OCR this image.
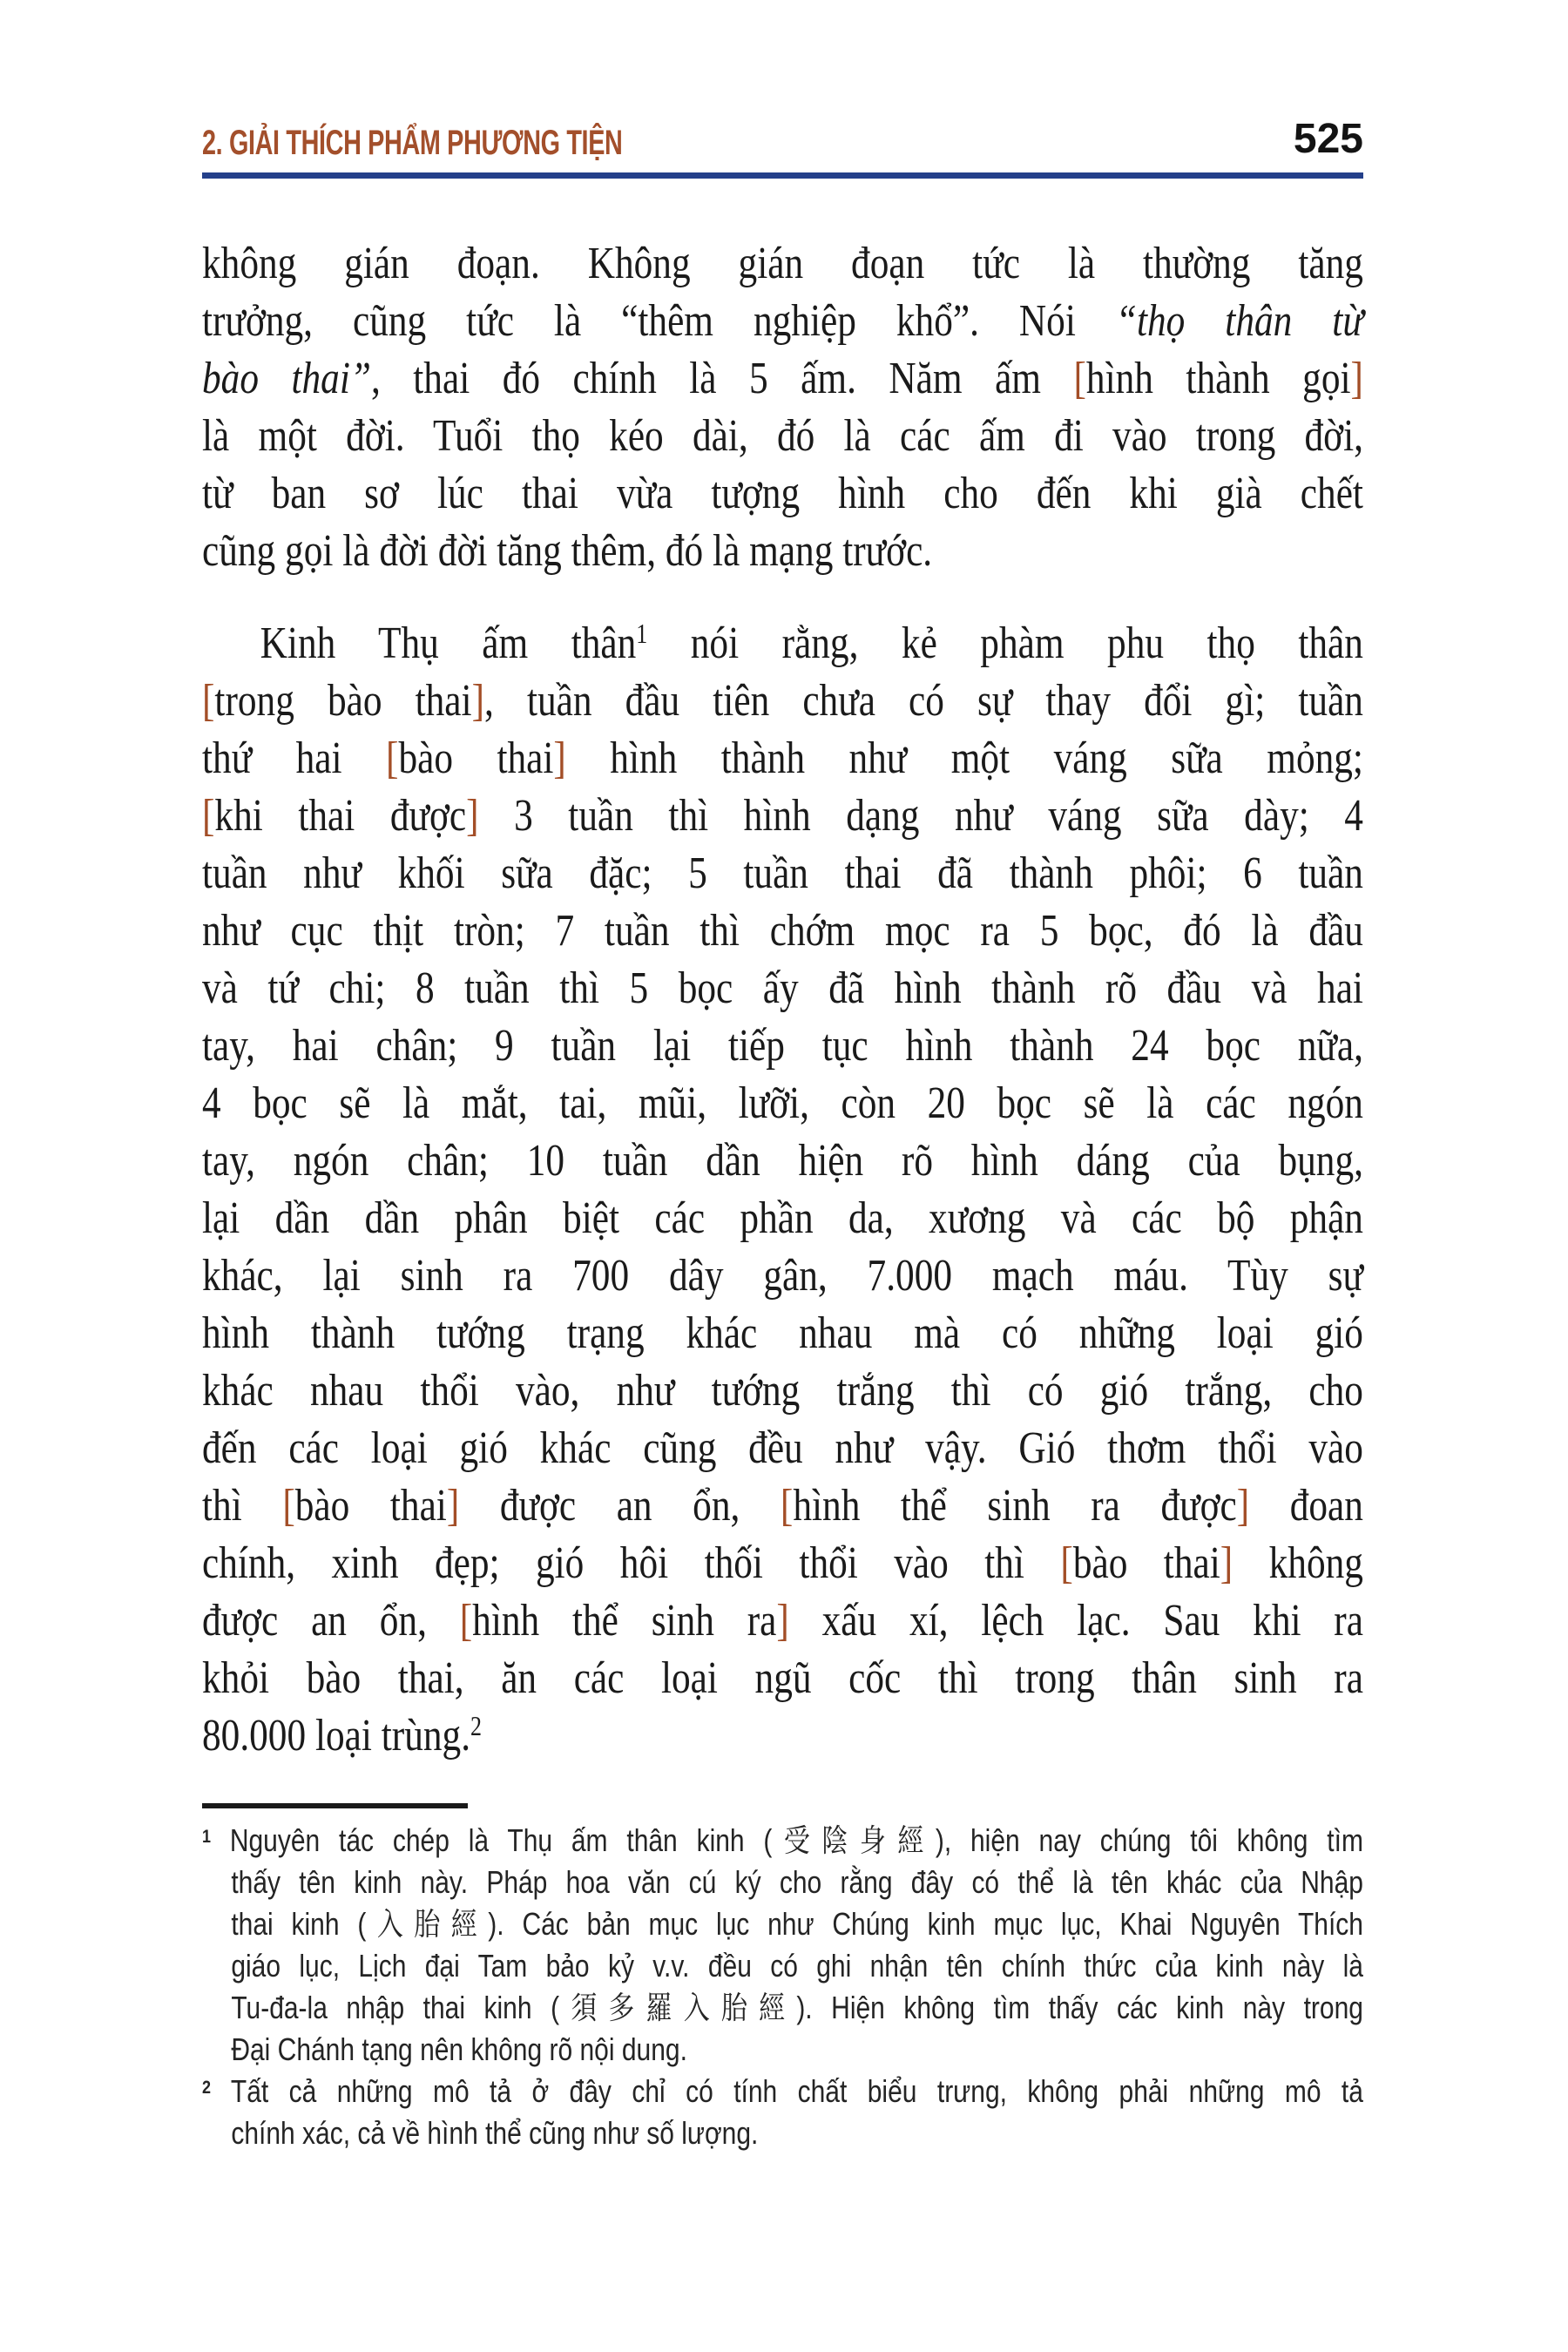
2. GIẢI THÍCH PHẨM PHƯƠNG TIỆN	525
không gián đoạn. Không gián đoạn tức là thường tăng
trưởng, cũng tức là “thêm nghiệp khổ”. Nói “thọ thân từ
bào thai”, thai đó chính là 5 ấm. Năm ấm [hình thành gọi]
là một đời. Tuổi thọ kéo dài, đó là các ấm đi vào trong đời,
từ ban sơ lúc thai vừa tượng hình cho đến khi già chết
cũng gọi là đời đời tăng thêm, đó là mạng trước.
Kinh Thụ ấm thân$^1$ nói rằng, kẻ phàm phu thọ thân
[trong bào thai], tuần đầu tiên chưa có sự thay đổi gì; tuần
thứ hai [bào thai] hình thành như một váng sữa mỏng;
[khi thai được] 3 tuần thì hình dạng như váng sữa dày; 4
tuần như khối sữa đặc; 5 tuần thai đã thành phôi; 6 tuần
như cục thịt tròn; 7 tuần thì chớm mọc ra 5 bọc, đó là đầu
và tứ chi; 8 tuần thì 5 bọc ấy đã hình thành rõ đầu và hai
tay, hai chân; 9 tuần lại tiếp tục hình thành 24 bọc nữa,
4 bọc sẽ là mắt, tai, mũi, lưỡi, còn 20 bọc sẽ là các ngón
tay, ngón chân; 10 tuần dần hiện rõ hình dáng của bụng,
lại dần dần phân biệt các phần da, xương và các bộ phận
khác, lại sinh ra 700 dây gân, 7.000 mạch máu. Tùy sự
hình thành tướng trạng khác nhau mà có những loại gió
khác nhau thổi vào, như tướng trắng thì có gió trắng, cho
đến các loại gió khác cũng đều như vậy. Gió thơm thổi vào
thì [bào thai] được an ổn, [hình thể sinh ra được] đoan
chính, xinh đẹp; gió hôi thối thổi vào thì [bào thai] không
được an ổn, [hình thể sinh ra] xấu xí, lệch lạc. Sau khi ra
khỏi bào thai, ăn các loại ngũ cốc thì trong thân sinh ra
80.000 loại trùng.$^2$
$^1$ Nguyên tác chép là Thụ ấm thân kinh (受陰身經), hiện nay chúng tôi không tìm
thấy tên kinh này. Pháp hoa văn cú ký cho rằng đây có thể là tên khác của Nhập
thai kinh (入胎經). Các bản mục lục như Chúng kinh mục lục, Khai Nguyên Thích
giáo lục, Lịch đại Tam bảo kỷ v.v. đều có ghi nhận tên chính thức của kinh này là
Tu-đa-la nhập thai kinh (須多羅入胎經). Hiện không tìm thấy các kinh này trong
Đại Chánh tạng nên không rõ nội dung.
$^2$ Tất cả những mô tả ở đây chỉ có tính chất biểu trưng, không phải những mô tả
chính xác, cả về hình thể cũng như số lượng.
